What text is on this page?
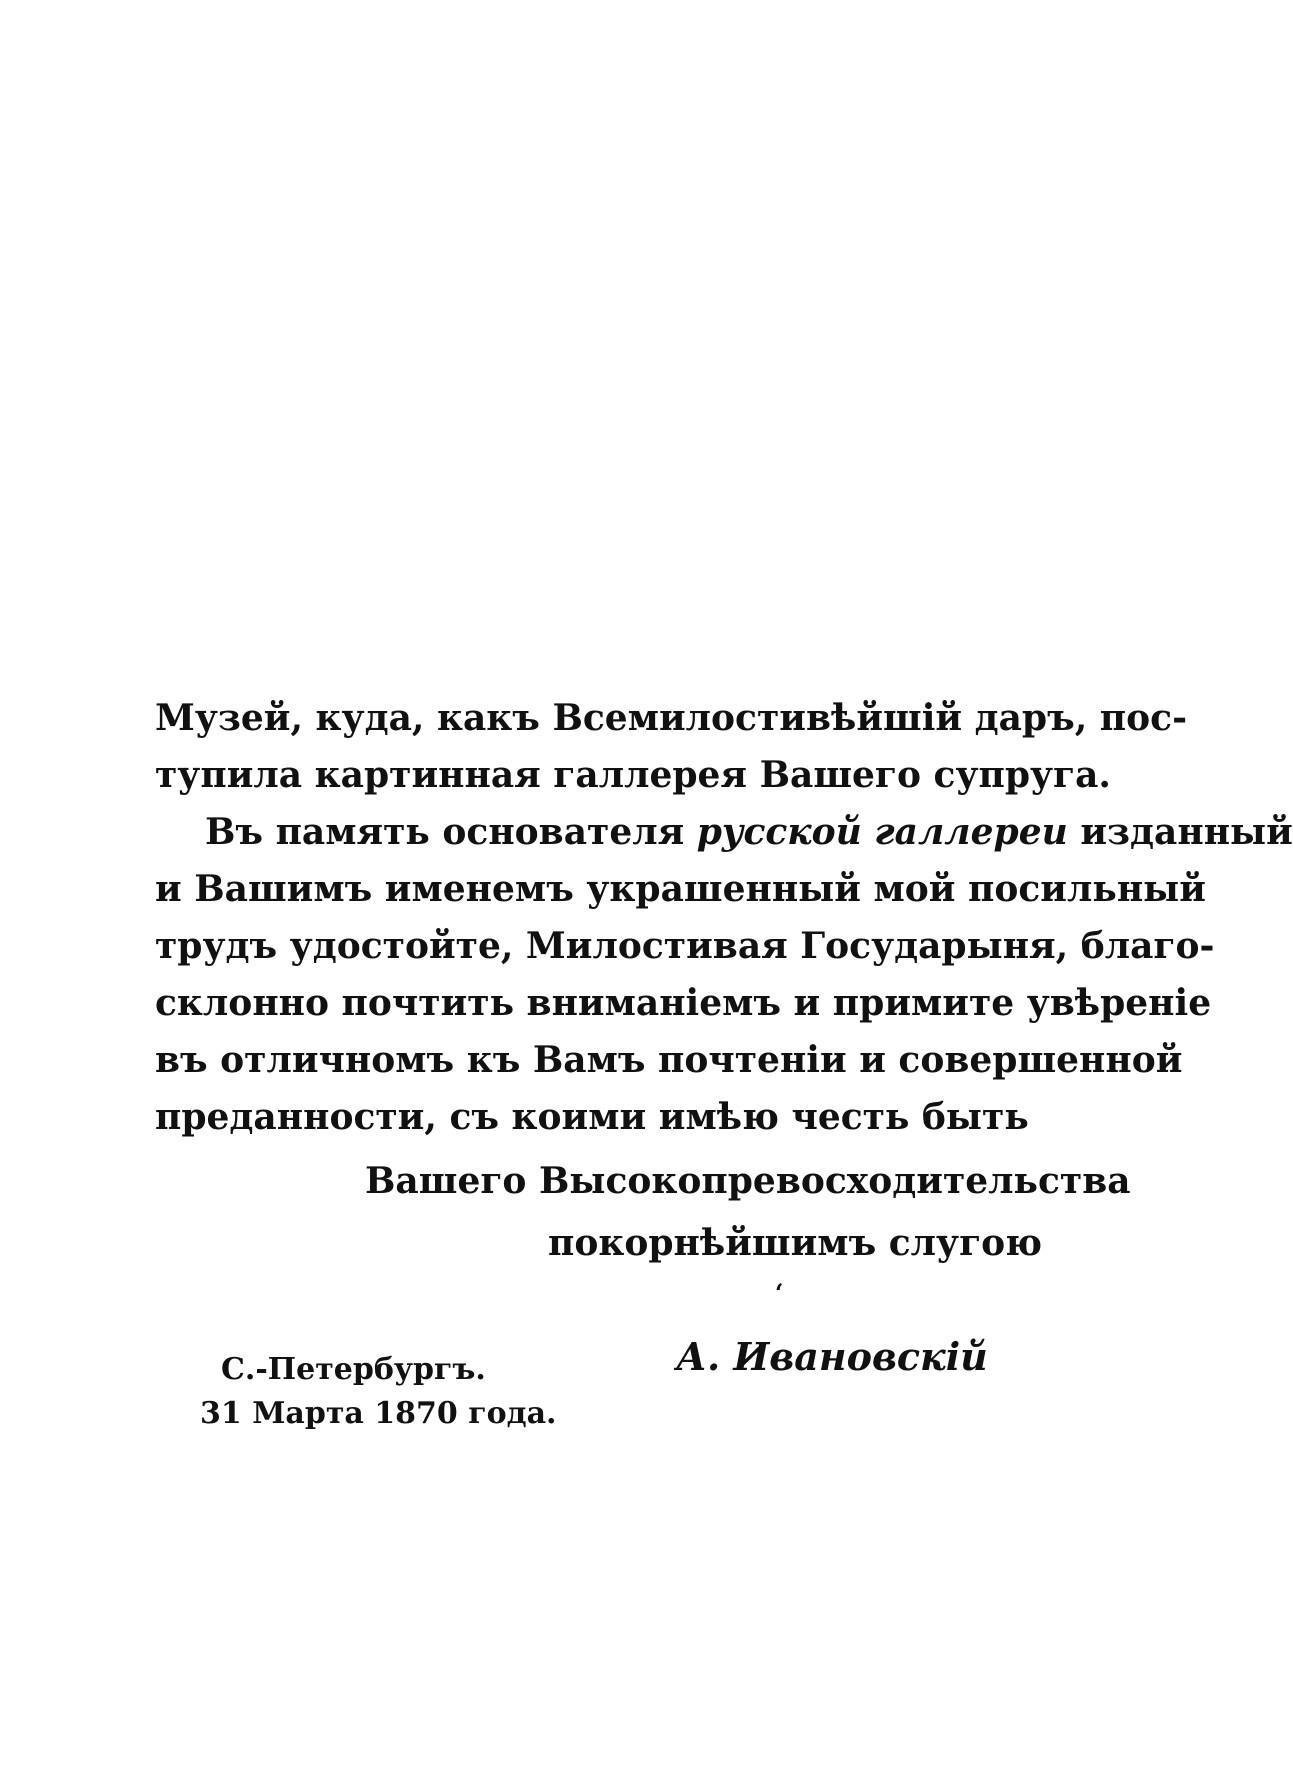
Музей, куда, какъ Всемилостивѣйшій даръ, пос-
тупила картинная галлерея Вашего супруга.
Въ память основателя русской галлереи изданный
и Вашимъ именемъ украшенный мой посильный
трудъ удостойте, Милостивая Государыня, благо-
склонно почтить вниманіемъ и примите увѣреніе
въ отличномъ къ Вамъ почтеніи и совершенной
преданности, съ коими имѣю честь быть
Вашего Высокопревосходительства
покорнѣйшимъ слугою
ʻ
А. Ивановскій
С.-Петербургъ.
31 Марта 1870 года.
